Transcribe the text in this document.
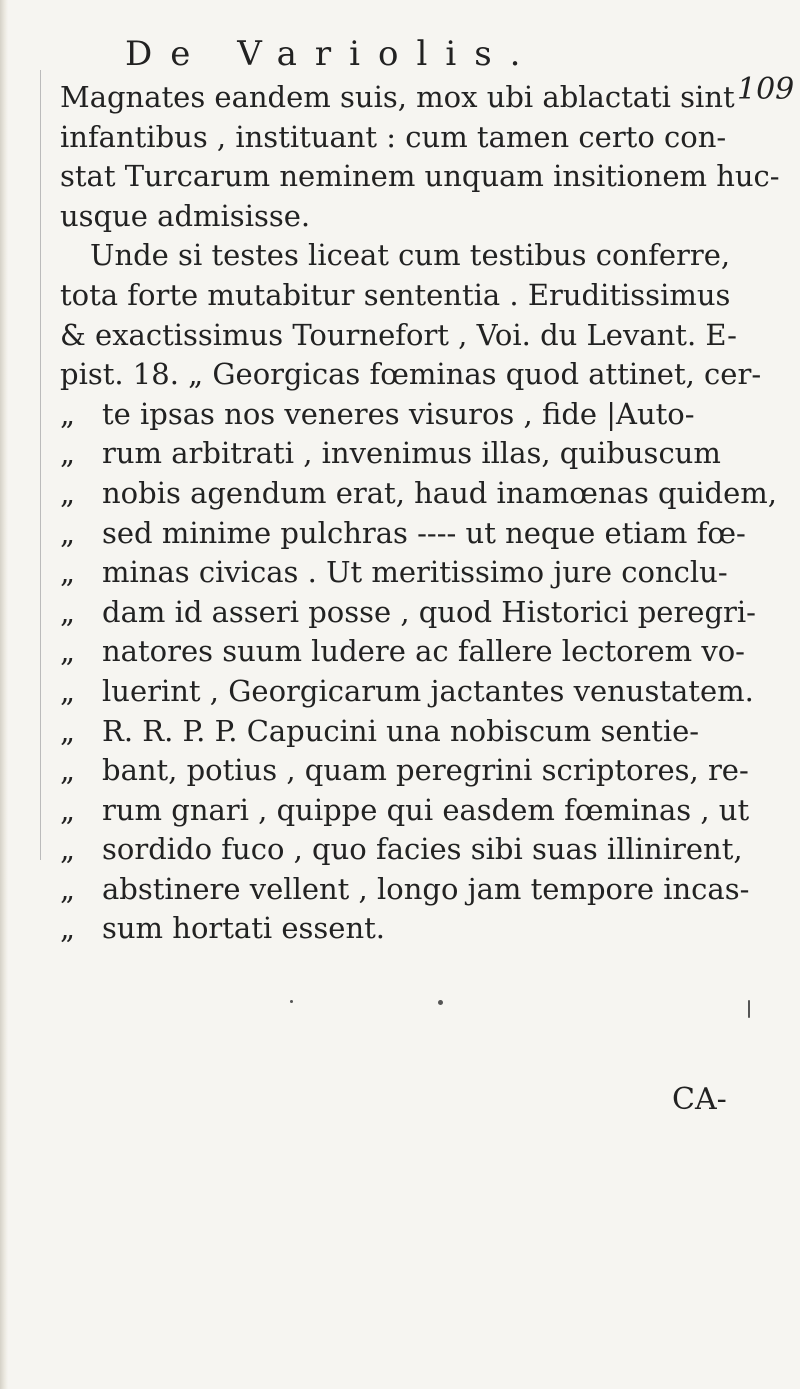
De Variolis.
109
Magnates eandem suis, mox ubi ablactati sint
infantibus , instituant : cum tamen certo con-
stat Turcarum neminem unquam insitionem huc-
usque admisisse.
Unde si testes liceat cum testibus conferre,
tota forte mutabitur sententia . Eruditissimus
& exactissimus Tournefort , Voi. du Levant. E-
pist. 18. „ Georgicas fœminas quod attinet, cer-
„ te ipsas nos veneres visuros , fide |Auto-
„ rum arbitrati , invenimus illas, quibuscum
„ nobis agendum erat, haud inamœnas quidem,
„ sed minime pulchras ---- ut neque etiam fœ-
„ minas civicas . Ut meritissimo jure conclu-
„ dam id asseri posse , quod Historici peregri-
„ natores suum ludere ac fallere lectorem vo-
„ luerint , Georgicarum jactantes venustatem.
„ R. R. P. P. Capucini una nobiscum sentie-
„ bant, potius , quam peregrini scriptores, re-
„ rum gnari , quippe qui easdem fœminas , ut
„ sordido fuco , quo facies sibi suas illinirent,
„ abstinere vellent , longo jam tempore incas-
„ sum hortati essent.
CA-
